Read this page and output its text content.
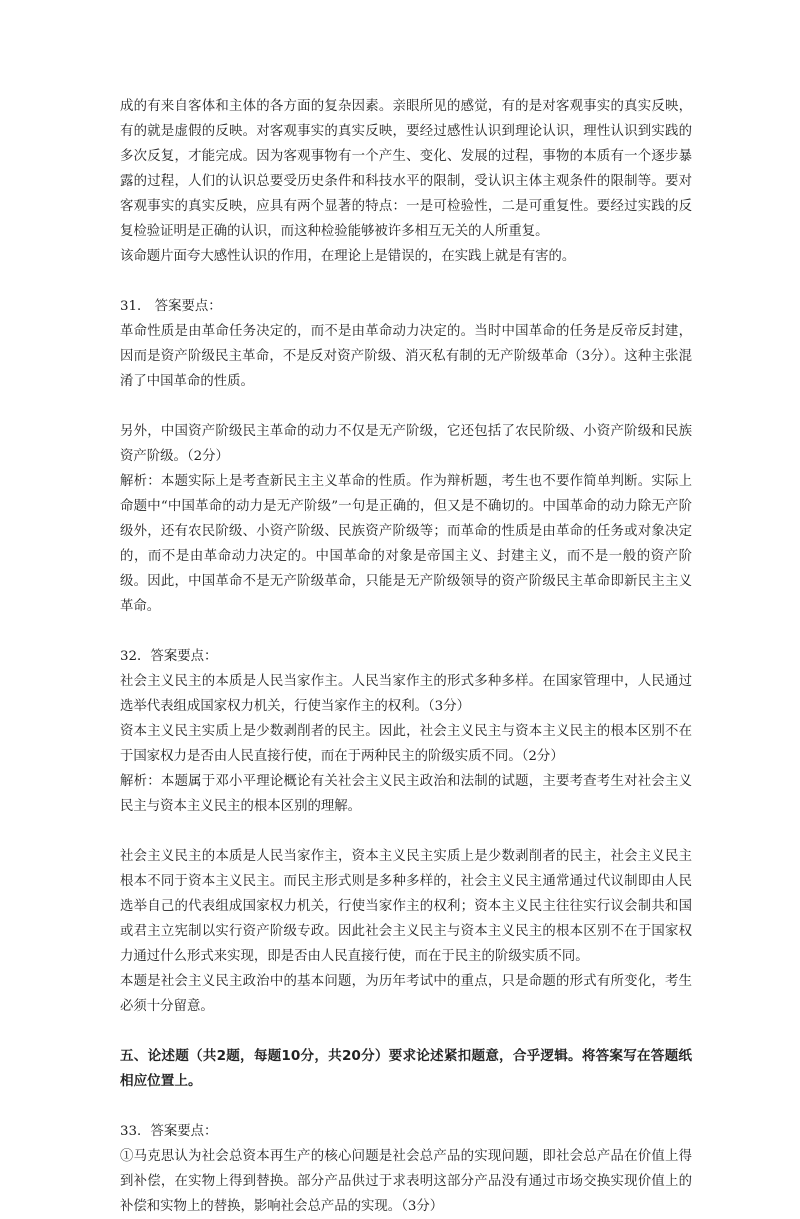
成的有来自客体和主体的各方面的复杂因素。亲眼所见的感觉，有的是对客观事实的真实反映，有的就是虚假的反映。对客观事实的真实反映，要经过感性认识到理论认识，理性认识到实践的多次反复，才能完成。因为客观事物有一个产生、变化、发展的过程，事物的本质有一个逐步暴露的过程，人们的认识总要受历史条件和科技水平的限制，受认识主体主观条件的限制等。要对客观事实的真实反映，应具有两个显著的特点：一是可检验性，二是可重复性。要经过实践的反复检验证明是正确的认识，而这种检验能够被许多相互无关的人所重复。

该命题片面夸大感性认识的作用，在理论上是错误的，在实践上就是有害的。

31． 答案要点：

革命性质是由革命任务决定的，而不是由革命动力决定的。当时中国革命的任务是反帝反封建，因而是资产阶级民主革命，不是反对资产阶级、消灭私有制的无产阶级革命（3分）。这种主张混淆了中国革命的性质。

另外，中国资产阶级民主革命的动力不仅是无产阶级，它还包括了农民阶级、小资产阶级和民族资产阶级。（2分）

解析：本题实际上是考查新民主主义革命的性质。作为辩析题，考生也不要作简单判断。实际上命题中“中国革命的动力是无产阶级”一句是正确的，但又是不确切的。中国革命的动力除无产阶级外，还有农民阶级、小资产阶级、民族资产阶级等；而革命的性质是由革命的任务或对象决定的，而不是由革命动力决定的。中国革命的对象是帝国主义、封建主义，而不是一般的资产阶级。因此，中国革命不是无产阶级革命，只能是无产阶级领导的资产阶级民主革命即新民主主义革命。

32．答案要点：

社会主义民主的本质是人民当家作主。人民当家作主的形式多种多样。在国家管理中，人民通过选举代表组成国家权力机关，行使当家作主的权利。（3分）

资本主义民主实质上是少数剥削者的民主。因此，社会主义民主与资本主义民主的根本区别不在于国家权力是否由人民直接行使，而在于两种民主的阶级实质不同。（2分）

解析：本题属于邓小平理论概论有关社会主义民主政治和法制的试题，主要考查考生对社会主义民主与资本主义民主的根本区别的理解。

社会主义民主的本质是人民当家作主，资本主义民主实质上是少数剥削者的民主，社会主义民主根本不同于资本主义民主。而民主形式则是多种多样的，社会主义民主通常通过代议制即由人民选举自己的代表组成国家权力机关，行使当家作主的权利；资本主义民主往往实行议会制共和国或君主立宪制以实行资产阶级专政。因此社会主义民主与资本主义民主的根本区别不在于国家权力通过什么形式来实现，即是否由人民直接行使，而在于民主的阶级实质不同。

本题是社会主义民主政治中的基本问题，为历年考试中的重点，只是命题的形式有所变化，考生必须十分留意。

五、论述题（共2题，每题10分，共20分）要求论述紧扣题意，合乎逻辑。将答案写在答题纸相应位置上。

33．答案要点：

①马克思认为社会总资本再生产的核心问题是社会总产品的实现问题，即社会总产品在价值上得到补偿，在实物上得到替换。部分产品供过于求表明这部分产品没有通过市场交换实现价值上的补偿和实物上的替换，影响社会总产品的实现。（3分）
